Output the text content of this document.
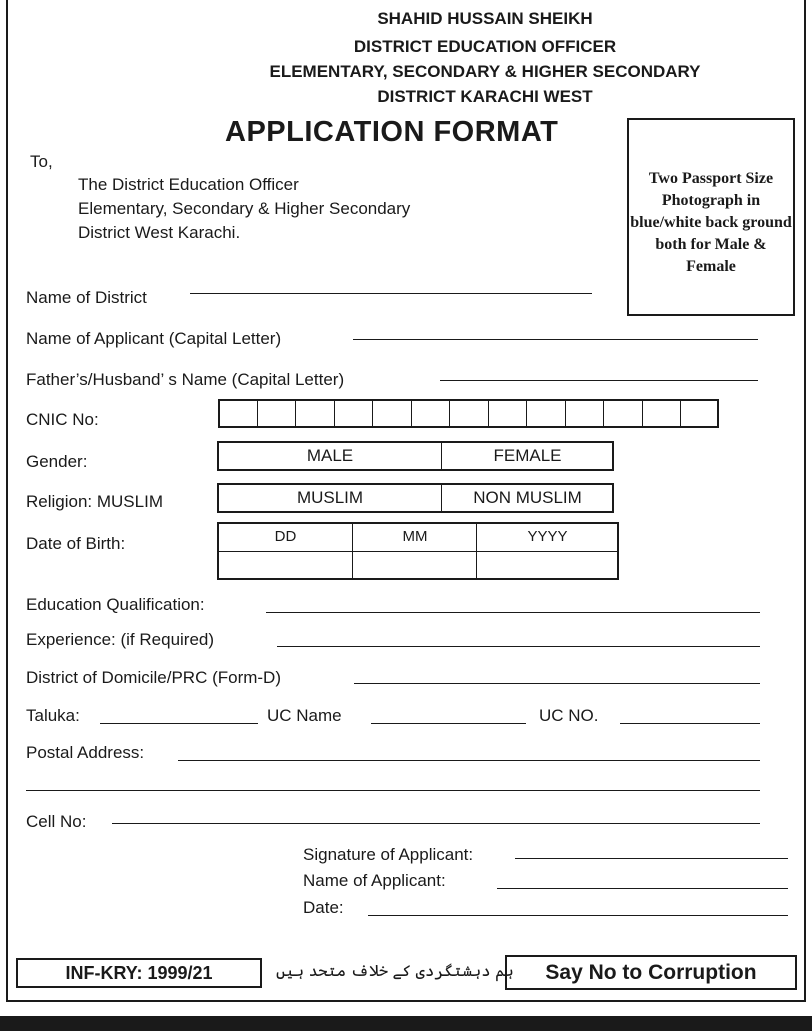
SHAHID HUSSAIN SHEIKH
DISTRICT EDUCATION OFFICER
ELEMENTARY, SECONDARY & HIGHER SECONDARY
DISTRICT KARACHI WEST
APPLICATION FORMAT
Two Passport Size Photograph in blue/white back ground both for Male & Female
To,
The District Education Officer
Elementary, Secondary & Higher Secondary
District West Karachi.
Name of District
Name of Applicant (Capital Letter)
Father’s/Husband’ s Name (Capital Letter)
CNIC No:
Gender:	MALE	FEMALE
Religion: MUSLIM	MUSLIM	NON MUSLIM
Date of Birth:	DD	MM	YYYY
Education Qualification:
Experience: (if Required)
District of Domicile/PRC (Form-D)
Taluka:	UC Name	UC NO.
Postal Address:
Cell No:
Signature of Applicant:
Name of Applicant:
Date:
INF-KRY: 1999/21	ہم دہشتگردی کے خلاف متحد ہیں	Say No to Corruption
